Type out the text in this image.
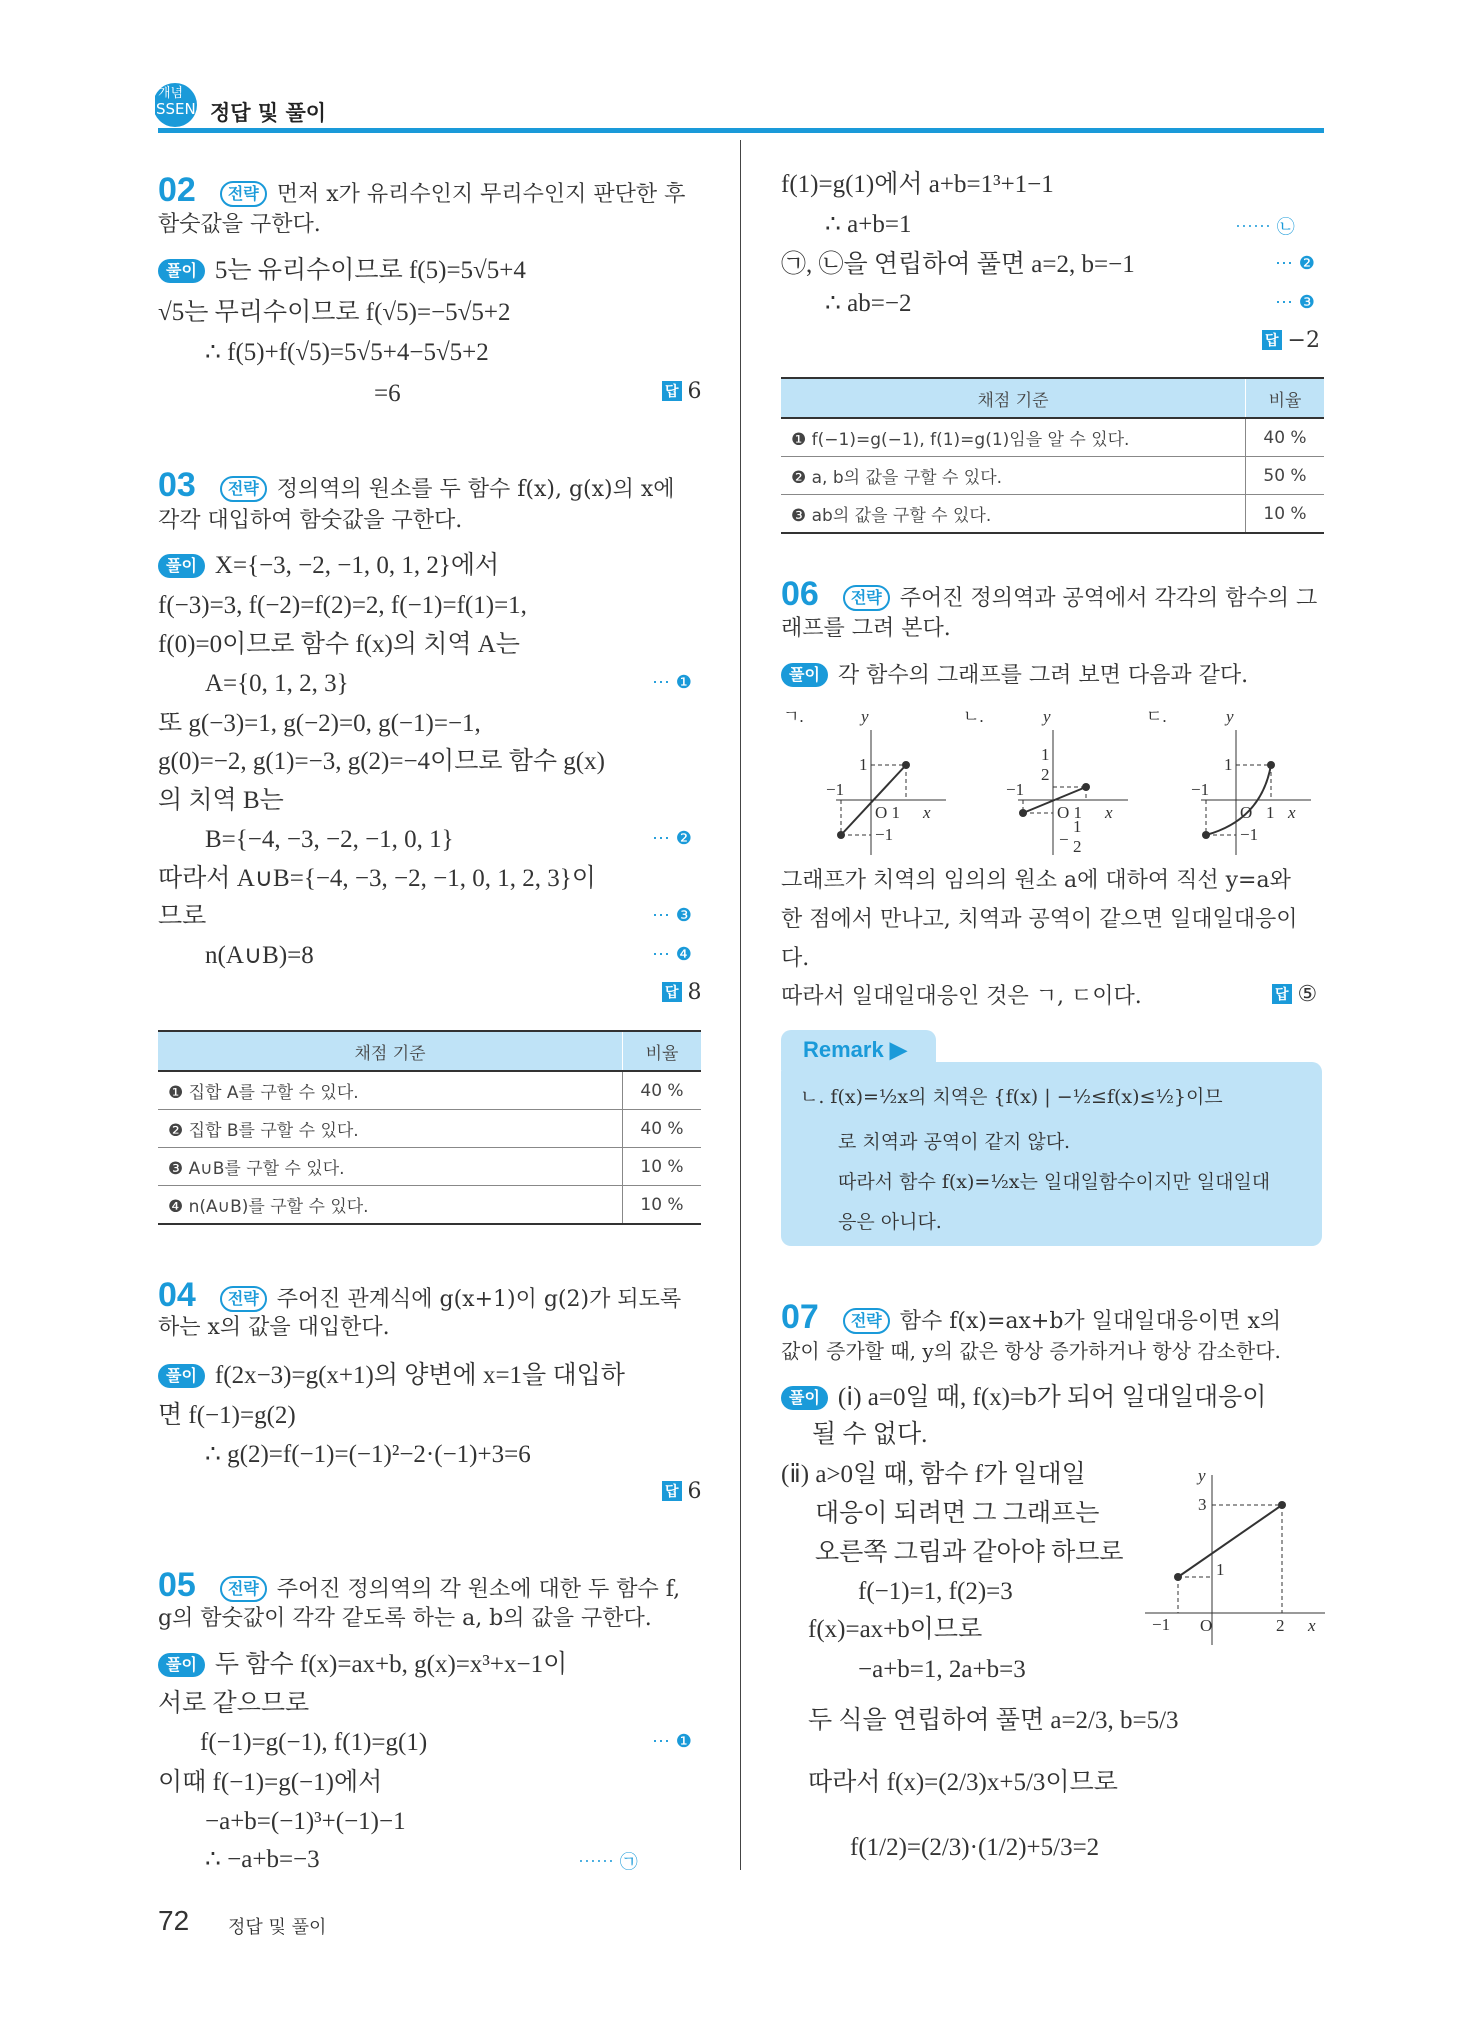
개념
SSEN 정답 및 풀이
02 전략 먼저 x가 유리수인지 무리수인지 판단한 후
함숫값을 구한다.
풀이 5는 유리수이므로 f(5)=5√5+4
√5는 무리수이므로 f(√5)=−5√5+2
∴ f(5)+f(√5)=5√5+4−5√5+2
=6	답 6
03 전략 정의역의 원소를 두 함수 f(x), g(x)의 x에
각각 대입하여 함숫값을 구한다.
풀이 X={−3, −2, −1, 0, 1, 2}에서
f(−3)=3, f(−2)=f(2)=2, f(−1)=f(1)=1,
f(0)=0이므로 함수 f(x)의 치역 A는
A={0, 1, 2, 3}	⋯ ❶
또 g(−3)=1, g(−2)=0, g(−1)=−1,
g(0)=−2, g(1)=−3, g(2)=−4이므로 함수 g(x)
의 치역 B는
B={−4, −3, −2, −1, 0, 1}	⋯ ❷
따라서 A∪B={−4, −3, −2, −1, 0, 1, 2, 3}이
므로	⋯ ❸
n(A∪B)=8	⋯ ❹
답 8
채점 기준	비율
❶ 집합 A를 구할 수 있다.	40 %
❷ 집합 B를 구할 수 있다.	40 %
❸ A∪B를 구할 수 있다.	10 %
❹ n(A∪B)를 구할 수 있다.	10 %
04 전략 주어진 관계식에 g(x+1)이 g(2)가 되도록
하는 x의 값을 대입한다.
풀이 f(2x−3)=g(x+1)의 양변에 x=1을 대입하
면 f(−1)=g(2)
∴ g(2)=f(−1)=(−1)²−2·(−1)+3=6
답 6
05 전략 주어진 정의역의 각 원소에 대한 두 함수 f,
g의 함숫값이 각각 같도록 하는 a, b의 값을 구한다.
풀이 두 함수 f(x)=ax+b, g(x)=x³+x−1이
서로 같으므로
f(−1)=g(−1), f(1)=g(1)	⋯ ❶
이때 f(−1)=g(−1)에서
−a+b=(−1)³+(−1)−1
∴ −a+b=−3	⋯⋯ ㉠
f(1)=g(1)에서 a+b=1³+1−1
∴ a+b=1	⋯⋯ ㉡
㉠, ㉡을 연립하여 풀면 a=2, b=−1	⋯ ❷
∴ ab=−2	⋯ ❸
답 −2
채점 기준	비율
❶ f(−1)=g(−1), f(1)=g(1)임을 알 수 있다.	40 %
❷ a, b의 값을 구할 수 있다.	50 %
❸ ab의 값을 구할 수 있다.	10 %
06 전략 주어진 정의역과 공역에서 각각의 함수의 그
래프를 그려 본다.
풀이 각 함수의 그래프를 그려 보면 다음과 같다.
ㄱ.	y
1
−1
O 1 x
−1
ㄴ.	y
1
2
−1
O 1 x
1
− 2
ㄷ.	y
1
−1
O 1 x
−1
그래프가 치역의 임의의 원소 a에 대하여 직선 y=a와
한 점에서 만나고, 치역과 공역이 같으면 일대일대응이
다.
따라서 일대일대응인 것은 ㄱ, ㄷ이다.	답 ⑤
Remark ▶
ㄴ. f(x)=½x의 치역은 {f(x) | −½≤f(x)≤½}이므
로 치역과 공역이 같지 않다.
따라서 함수 f(x)=½x는 일대일함수이지만 일대일대
응은 아니다.
07 전략 함수 f(x)=ax+b가 일대일대응이면 x의
값이 증가할 때, y의 값은 항상 증가하거나 항상 감소한다.
풀이 (ⅰ) a=0일 때, f(x)=b가 되어 일대일대응이
될 수 없다.
(ⅱ) a>0일 때, 함수 f가 일대일
대응이 되려면 그 그래프는
오른쪽 그림과 같아야 하므로
f(−1)=1, f(2)=3
f(x)=ax+b이므로
−a+b=1, 2a+b=3
두 식을 연립하여 풀면 a=2/3, b=5/3
따라서 f(x)=(2/3)x+5/3이므로
f(1/2)=(2/3)·(1/2)+5/3=2
y
3
1
−1 O	2 x
72 정답 및 풀이
